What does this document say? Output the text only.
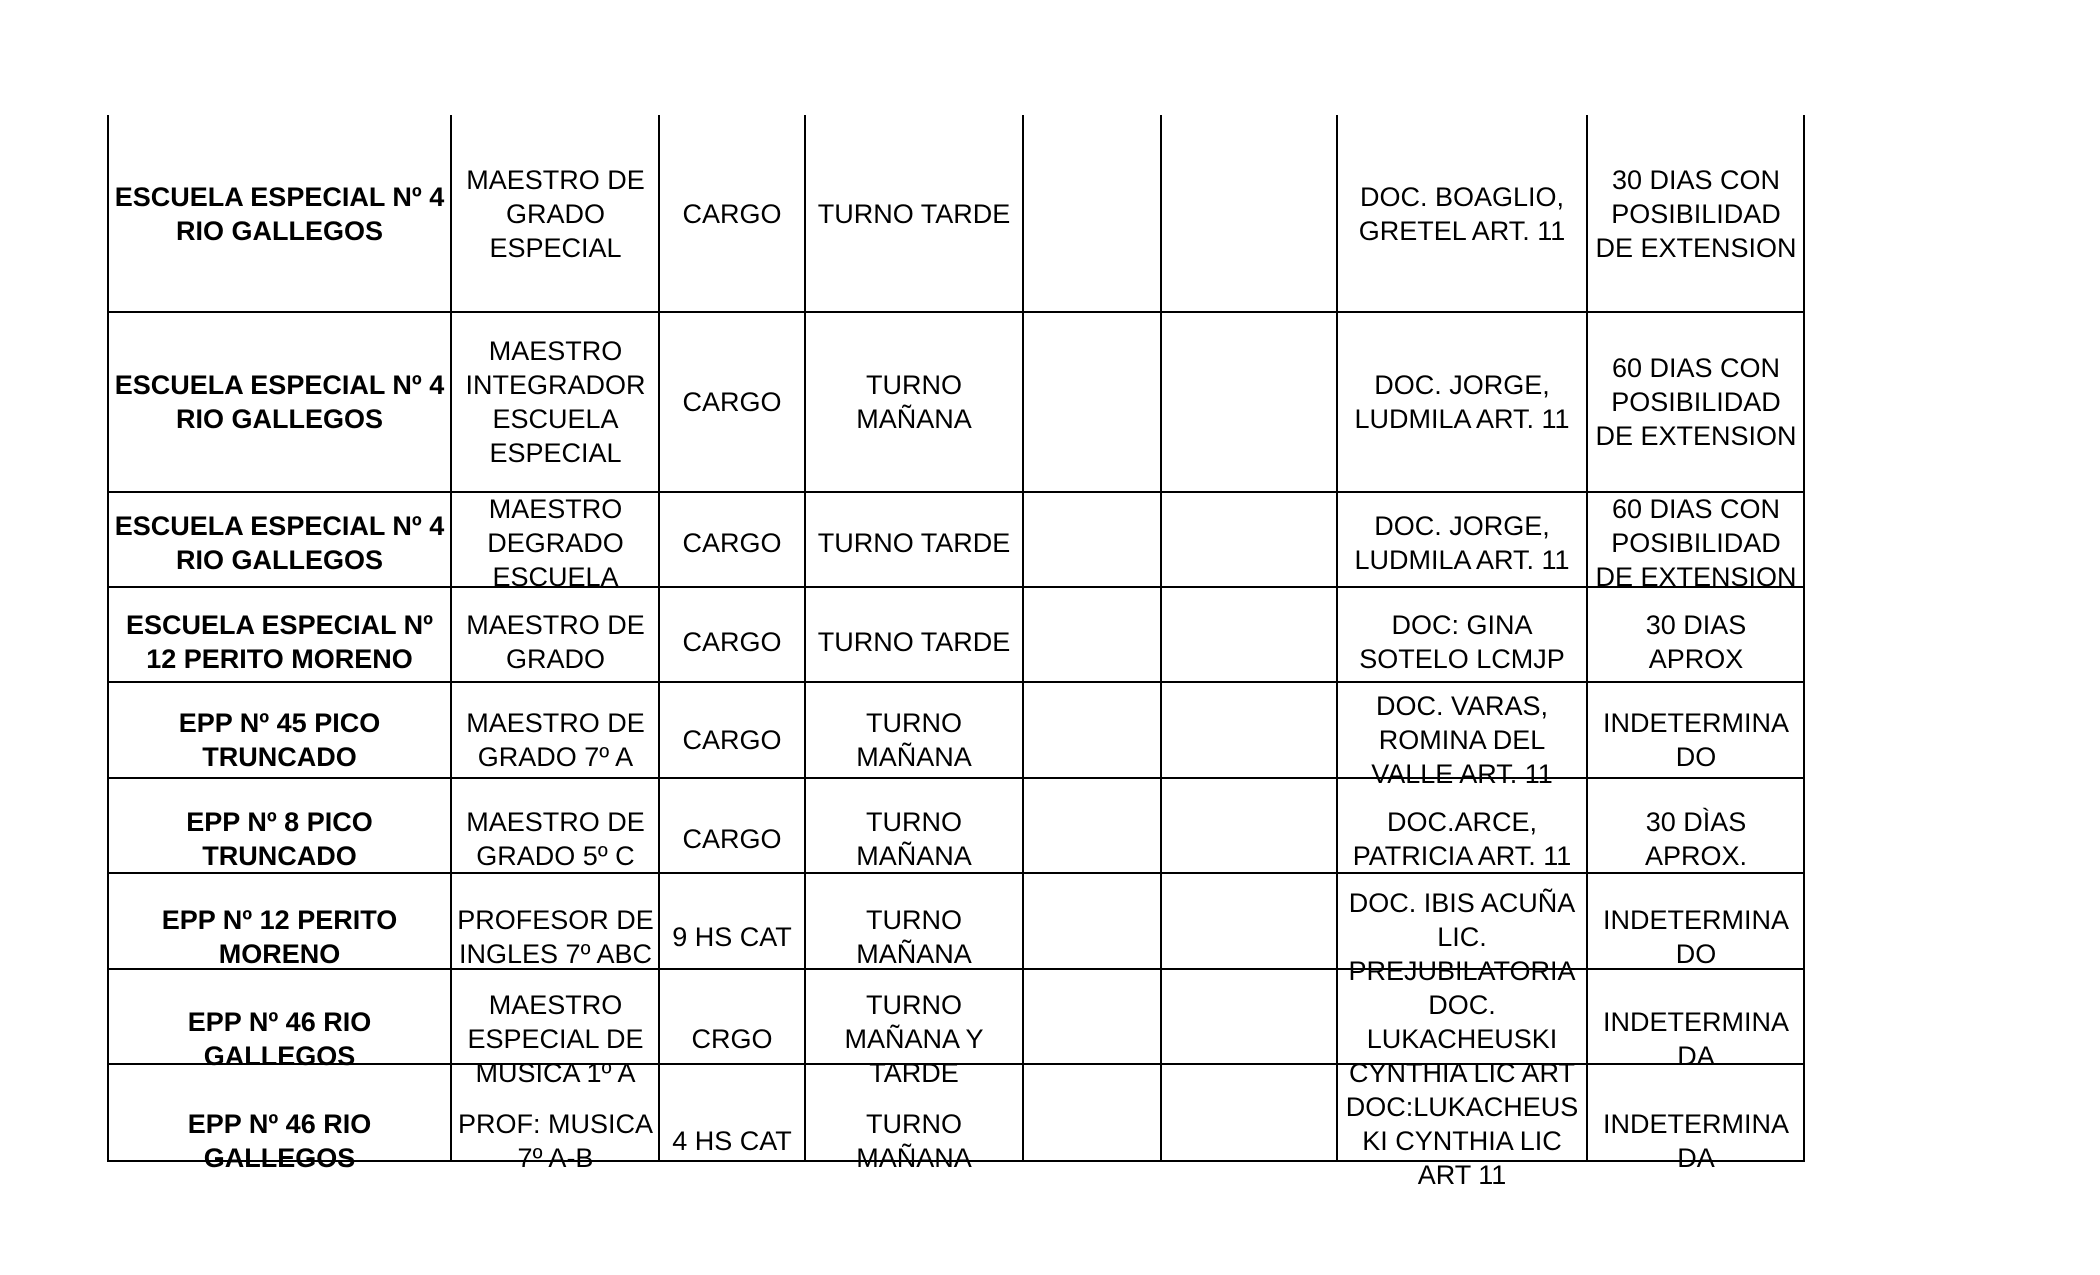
ESCUELA ESPECIAL Nº 4
RIO GALLEGOS	MAESTRO DE
GRADO
ESPECIAL	CARGO	TURNO TARDE			DOC. BOAGLIO,
GRETEL ART. 11	30 DIAS CON
POSIBILIDAD
DE EXTENSION

ESCUELA ESPECIAL Nº 4
RIO GALLEGOS	MAESTRO
INTEGRADOR
ESCUELA
ESPECIAL	CARGO	TURNO
MAÑANA			DOC. JORGE,
LUDMILA ART. 11	60 DIAS CON
POSIBILIDAD
DE EXTENSION

ESCUELA ESPECIAL Nº 4
RIO GALLEGOS	MAESTRO
DEGRADO
ESCUELA	CARGO	TURNO TARDE			DOC. JORGE,
LUDMILA ART. 11	60 DIAS CON
POSIBILIDAD
DE EXTENSION

ESCUELA ESPECIAL Nº
12 PERITO MORENO	MAESTRO DE
GRADO	CARGO	TURNO TARDE			DOC: GINA
SOTELO LCMJP	30 DIAS
APROX

EPP Nº 45 PICO
TRUNCADO	MAESTRO DE
GRADO 7º A	CARGO	TURNO
MAÑANA			DOC. VARAS,
ROMINA DEL
VALLE ART. 11	INDETERMINA
DO

EPP Nº 8 PICO
TRUNCADO	MAESTRO DE
GRADO 5º C	CARGO	TURNO
MAÑANA			DOC.ARCE,
PATRICIA ART. 11	30 DÌAS
APROX.

EPP Nº 12 PERITO
MORENO	PROFESOR DE
INGLES 7º ABC	9 HS CAT	TURNO
MAÑANA			DOC. IBIS ACUÑA
LIC.
PREJUBILATORIA	INDETERMINA
DO

EPP Nº 46 RIO
GALLEGOS	MAESTRO
ESPECIAL DE
MUSICA 1º A	CRGO	TURNO
MAÑANA Y
TARDE			DOC.
LUKACHEUSKI
CYNTHIA LIC ART	INDETERMINA
DA

EPP Nº 46 RIO
GALLEGOS	PROF: MUSICA
7º A-B	4 HS CAT	TURNO
MAÑANA			DOC:LUKACHEUS
KI CYNTHIA LIC
ART 11	INDETERMINA
DA
